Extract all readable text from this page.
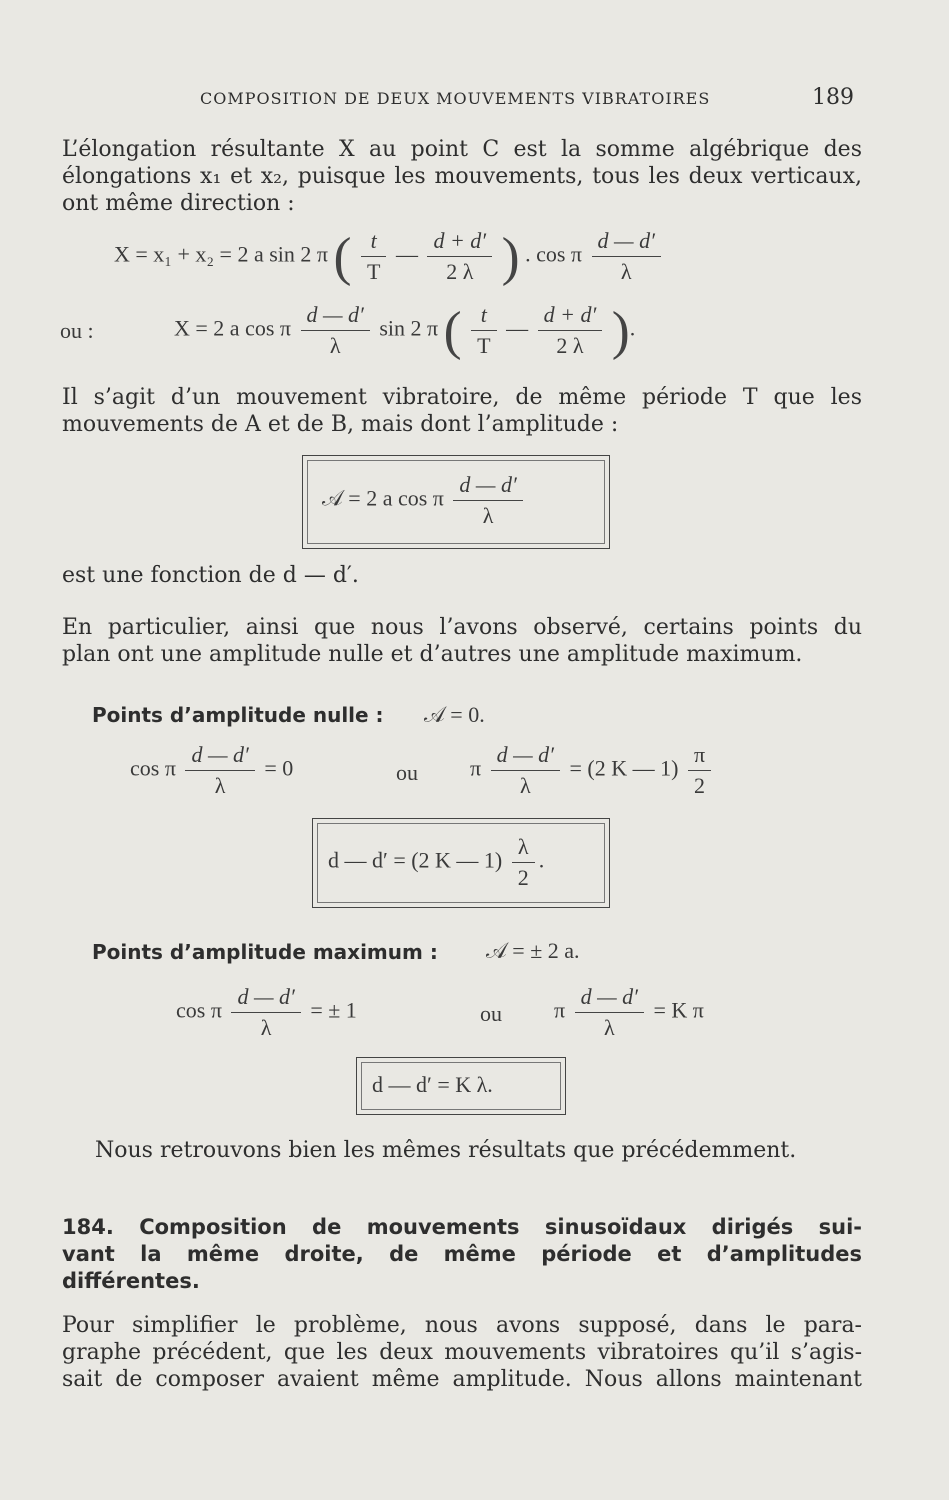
COMPOSITION DE DEUX MOUVEMENTS VIBRATOIRES	189
L’élongation résultante X au point C est la somme algébrique des
élongations x₁ et x₂, puisque les mouvements, tous les deux verticaux,
ont même direction :
X = x₁ + x₂ = 2 a sin 2 π ( $\frac{t}{T}$ — $\frac{d + d'}{2 \lambda}$ ) . cos π $\frac{d — d'}{\lambda}$
ou :	X = 2 a cos π $\frac{d — d'}{\lambda}$ sin 2 π ( $\frac{t}{T}$ — $\frac{d + d'}{2 \lambda}$ ).
Il s’agit d’un mouvement vibratoire, de même période T que les
mouvements de A et de B, mais dont l’amplitude :
𝒜 = 2 a cos π $\frac{d — d'}{\lambda}$
est une fonction de d — d′.
En particulier, ainsi que nous l’avons observé, certains points du
plan ont une amplitude nulle et d’autres une amplitude maximum.
Points d’amplitude nulle : 𝒜 = 0.
cos π $\frac{d — d'}{\lambda} = 0$	ou π $\frac{d — d'}{\lambda} = (2$ K — $1) \frac{\pi}{2}$
d — d′ = (2 K — $1) \frac{\lambda}{2}$ .
Points d’amplitude maximum : 𝒜 = ± 2 a.
cos π $\frac{d — d'}{\lambda}$ = ± 1	ou π $\frac{d — d'}{\lambda} = K$ π
d — d′ = K λ.
Nous retrouvons bien les mêmes résultats que précédemment.
184. Composition de mouvements sinusoïdaux dirigés sui-
vant la même droite, de même période et d’amplitudes
différentes.
Pour simplifier le problème, nous avons supposé, dans le para-
graphe précédent, que les deux mouvements vibratoires qu’il s’agis-
sait de composer avaient même amplitude. Nous allons maintenant
